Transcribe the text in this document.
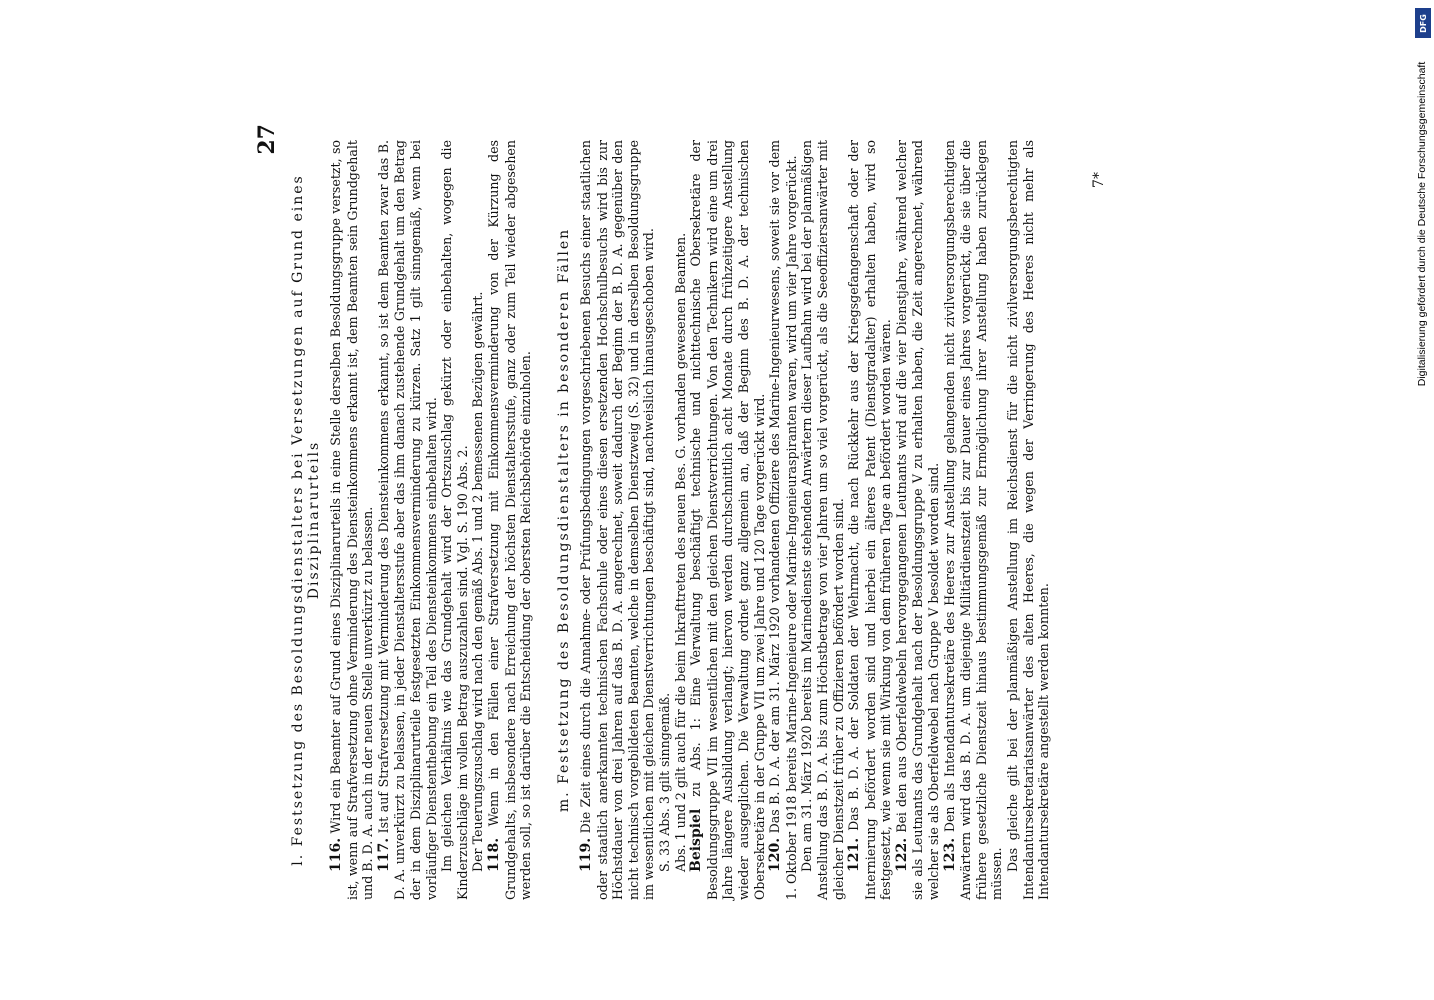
27
l. Festsetzung des Besoldungsdienstalters bei Versetzungen auf Grund eines Disziplinarurteils

116. Wird ein Beamter auf Grund eines Disziplinarurteils in eine Stelle derselben Besoldungsgruppe versetzt, so ist, wenn auf Strafversetzung ohne Verminderung des Diensteinkommens erkannt ist, dem Beamten sein Grundgehalt und B. D. A. auch in der neuen Stelle unverkürzt zu belassen. 117. Ist auf Strafversetzung mit Verminderung des Diensteinkommens erkannt, so ist dem Beamten zwar das B. D. A. unverkürzt zu belassen, in jeder Dienstaltersstufe aber das ihm danach zustehende Grundgehalt um den Betrag der in dem Disziplinarurteile festgesetzten Einkommensverminderung zu kürzen. Satz 1 gilt sinngemäß, wenn bei vorläufiger Dienstenthebung ein Teil des Diensteinkommens einbehalten wird. Im gleichen Verhältnis wie das Grundgehalt wird der Ortszuschlag gekürzt oder einbehalten, wogegen die Kinderzuschläge im vollen Betrag auszuzahlen sind. Vgl. S. 190 Abs. 2. Der Teuerungszuschlag wird nach den gemäß Abs. 1 und 2 bemessenen Bezügen gewährt. 118. Wenn in den Fällen einer Strafversetzung mit Einkommensverminderung von der Kürzung des Grundgehalts, insbesondere nach Erreichung der höchsten Dienstaltersstufe, ganz oder zum Teil wieder abgesehen werden soll, so ist darüber die Entscheidung der obersten Reichsbehörde einzuholen. m. Festsetzung des Besoldungsdienstalters in besonderen Fällen

119. Die Zeit eines durch die Annahme- oder Prüfungsbedingungen vorgeschriebenen Besuchs einer staatlichen oder staatlich anerkannten technischen Fachschule oder eines diesen ersetzenden Hochschulbesuchs wird bis zur Höchstdauer von drei Jahren auf das B. D. A. angerechnet, soweit dadurch der Beginn der B. D. A. gegenüber den nicht technisch vorgebildeten Beamten, welche in demselben Dienstzweig (S. 32) und in derselben Besoldungsgruppe im wesentlichen mit gleichen Dienstverrichtungen beschäftigt sind, nachweislich hinausgeschoben wird. S. 33 Abs. 3 gilt sinngemäß. Abs. 1 und 2 gilt auch für die beim Inkrafttreten des neuen Bes. G. vorhanden gewesenen Beamten. Beispiel zu Abs. 1: Eine Verwaltung beschäftigt technische und nichttechnische Obersekretäre der Besoldungsgruppe VII im wesentlichen mit den gleichen Dienstverrichtungen. Von den Technikern wird eine um drei Jahre längere Ausbildung verlangt; hiervon werden durchschnittlich acht Monate durch frühzeitigere Anstellung wieder ausgeglichen. Die Verwaltung ordnet ganz allgemein an, daß der Beginn des B. D. A. der technischen Obersekretäre in der Gruppe VII um zwei Jahre und 120 Tage vorgerückt wird. 120. Das B. D. A. der am 31. März 1920 vorhandenen Offiziere des Marine-Ingenieurwesens, soweit sie vor dem 1. Oktober 1918 bereits Marine-Ingenieure oder Marine-Ingenieuraspiranten waren, wird um vier Jahre vorgerückt. Den am 31. März 1920 bereits im Marinedienste stehenden Anwärtern dieser Laufbahn wird bei der planmäßigen Anstellung das B. D. A. bis zum Höchstbetrage von vier Jahren um so viel vorgerückt, als die Seeoffiziersanwärter mit gleicher Dienstzeit früher zu Offizieren befördert worden sind. 121. Das B. D. A. der Soldaten der Wehrmacht, die nach Rückkehr aus der Kriegsgefangenschaft oder der Internierung befördert worden sind und hierbei ein älteres Patent (Dienstgradalter) erhalten haben, wird so festgesetzt, wie wenn sie mit Wirkung von dem früheren Tage an befördert worden wären. 122. Bei den aus Oberfeldwebeln hervorgegangenen Leutnants wird auf die vier Dienstjahre, während welcher sie als Leutnants das Grundgehalt nach der Besoldungsgruppe V zu erhalten haben, die Zeit angerechnet, während welcher sie als Oberfeldwebel nach Gruppe V besoldet worden sind. 123. Den als Intendantursekretäre des Heeres zur Anstellung gelangenden nicht zivilversorgungsberechtigten Anwärtern wird das B. D. A. um diejenige Militärdienstzeit bis zur Dauer eines Jahres vorgerückt, die sie über die frühere gesetzliche Dienstzeit hinaus bestimmungsgemäß zur Ermöglichung ihrer Anstellung haben zurücklegen müssen.

Das gleiche gilt bei der planmäßigen Anstellung im Reichsdienst für die nicht zivilversorgungsberechtigten Intendantursekretariatsanwärter des alten Heeres, die wegen der Verringerung des Heeres nicht mehr als Intendantursekretäre angestellt werden konnten.

7*
DFG
Digitalisierung gefördert durch die Deutsche Forschungsgemeinschaft
